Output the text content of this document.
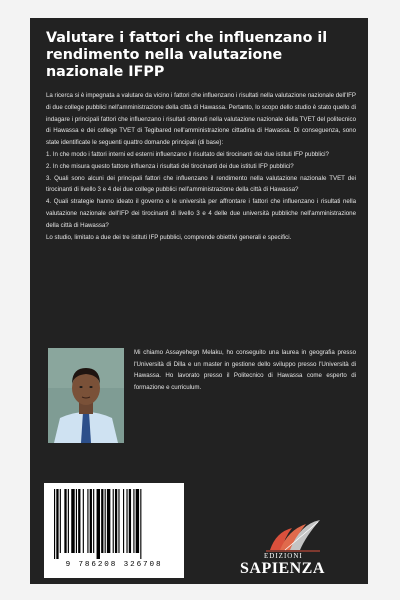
Valutare i fattori che influenzano il rendimento nella valutazione nazionale IFPP

La ricerca si è impegnata a valutare da vicino i fattori che influenzano i risultati nella valutazione nazionale dell'IFP di due college pubblici nell'amministrazione della città di Hawassa. Pertanto, lo scopo dello studio è stato quello di indagare i principali fattori che influenzano i risultati ottenuti nella valutazione nazionale della TVET del politecnico di Hawassa e dei college TVET di Tegibared nell'amministrazione cittadina di Hawassa. Di conseguenza, sono state identificate le seguenti quattro domande principali (di base):

1. In che modo i fattori interni ed esterni influenzano il risultato dei tirocinanti dei due istituti IFP pubblici?

2. In che misura questo fattore influenza i risultati dei tirocinanti dei due istituti IFP pubblici?

3. Quali sono alcuni dei principali fattori che influenzano il rendimento nella valutazione nazionale TVET dei tirocinanti di livello 3 e 4 dei due college pubblici nell'amministrazione della città di Hawassa?

4. Quali strategie hanno ideato il governo e le università per affrontare i fattori che influenzano i risultati nella valutazione nazionale dell'IFP dei tirocinanti di livello 3 e 4 delle due università pubbliche nell'amministrazione della città di Hawassa?

Lo studio, limitato a due dei tre istituti IFP pubblici, comprende obiettivi generali e specifici.

Mi chiamo Assayehegn Melaku, ho conseguito una laurea in geografia presso l'Università di Dilla e un master in gestione dello sviluppo presso l'Università di Hawassa. Ho lavorato presso il Politecnico di Hawassa come esperto di formazione e curriculum.
9 786208 326708
EDIZIONI
SAPIENZA
